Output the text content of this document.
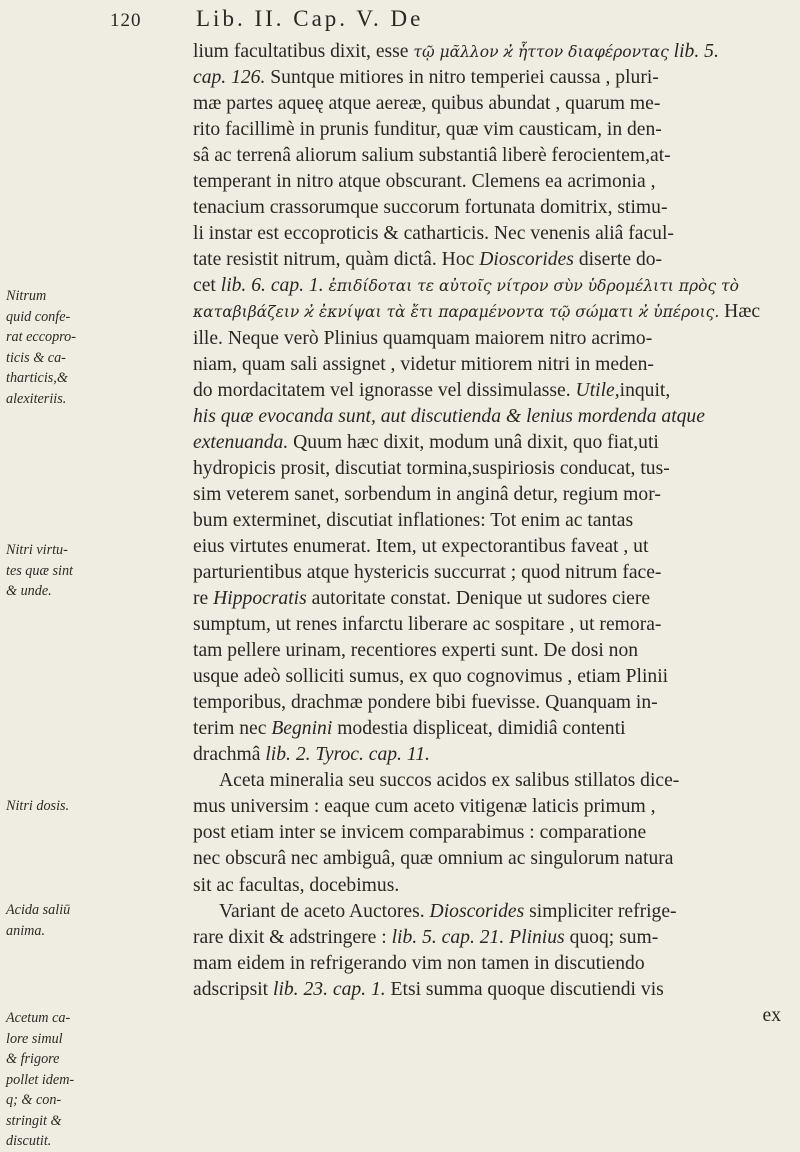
120 Lib. II. Cap. V. De
lium facultatibus dixit, esse τῷ μᾶλλον ϰ̓ ἧττον διαφέροντας lib. 5.
cap. 126. Suntque mitiores in nitro temperiei caussa , pluri-
mæ partes aqueę atque aereæ, quibus abundat , quarum me-
rito facillimè in prunis funditur, quæ vim causticam, in den-
sâ ac terrenâ aliorum salium substantiâ liberè ferocientem,at-
temperant in nitro atque obscurant. Clemens ea acrimonia ,
tenacium crassorumque succorum fortunata domitrix, stimu-
li instar est eccoproticis & catharticis. Nec venenis aliâ facul-
tate resistit nitrum, quàm dictâ. Hoc Dioscorides diserte do-
cet lib. 6. cap. 1. ἐπιδίδοται τε αὐτοῖς νίτρον σὺν ὑδρομέλιτι πρὸς τὸ
καταβιβάζειν ϰ̓ ἐκνίψαι τὰ ἔτι παραμένοντα τῷ σώματι ϰ̓ ὑπέροις. Hæc
ille. Neque verò Plinius quamquam maiorem nitro acrimo-
niam, quam sali assignet , videtur mitiorem nitri in meden-
do mordacitatem vel ignorasse vel dissimulasse. Utile,inquit,
his quæ evocanda sunt, aut discutienda & lenius mordenda atque
extenuanda. Quum hæc dixit, modum unâ dixit, quo fiat,uti
hydropicis prosit, discutiat tormina,suspiriosis conducat, tus-
sim veterem sanet, sorbendum in anginâ detur, regium mor-
bum exterminet, discutiat inflationes: Tot enim ac tantas
eius virtutes enumerat. Item, ut expectorantibus faveat , ut
parturientibus atque hystericis succurrat ; quod nitrum face-
re Hippocratis autoritate constat. Denique ut sudores ciere
sumptum, ut renes infarctu liberare ac sospitare , ut remora-
tam pellere urinam, recentiores experti sunt. De dosi non
usque adeò solliciti sumus, ex quo cognovimus , etiam Plinii
temporibus, drachmæ pondere bibi fuevisse. Quanquam in-
terim nec Begnini modestia displiceat, dimidiâ contenti
drachmâ lib. 2. Tyroc. cap. 11.
Aceta mineralia seu succos acidos ex salibus stillatos dice-
mus universim : eaque cum aceto vitigenæ laticis primum ,
post etiam inter se invicem comparabimus : comparatione
nec obscurâ nec ambiguâ, quæ omnium ac singulorum natura
sit ac facultas, docebimus.
Variant de aceto Auctores. Dioscorides simpliciter refrige-
rare dixit & adstringere : lib. 5. cap. 21. Plinius quoq; sum-
mam eidem in refrigerando vim non tamen in discutiendo
adscripsit lib. 23. cap. 1. Etsi summa quoque discutiendi vis
ex
Nitrum
quid confe-
rat eccopro-
ticis & ca-
tharticis,&
alexiteriis.
Nitri virtu-
tes quæ sint
& unde.
Nitri dosis.
Acida saliū
anima.
Acetum ca-
lore simul
& frigore
pollet idem-
q; & con-
stringit &
discutit.
